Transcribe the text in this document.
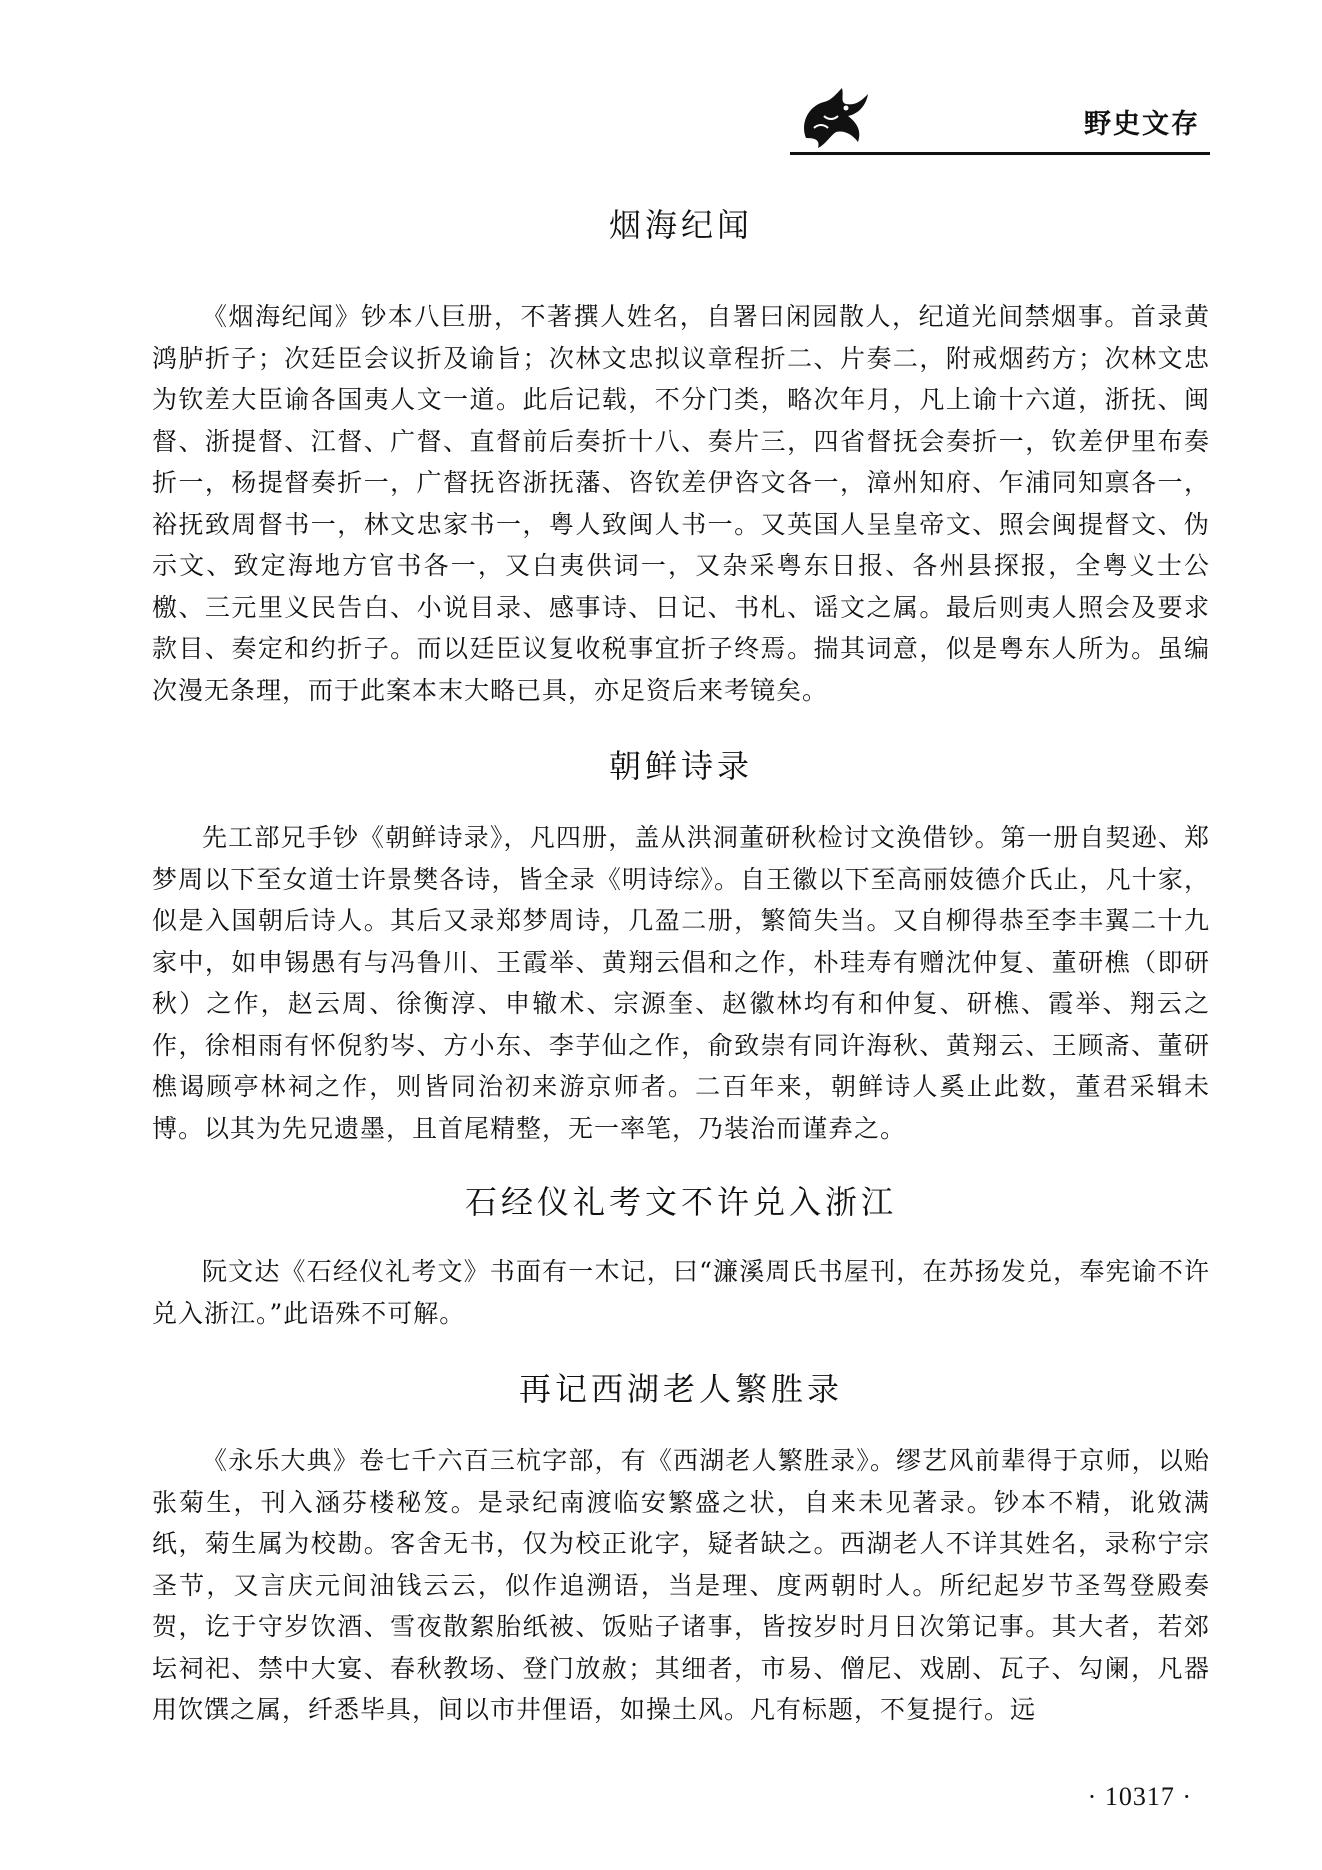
野史文存
烟海纪闻

《烟海纪闻》钞本八巨册，不著撰人姓名，自署曰闲园散人，纪道光间禁烟事。首录黄鸿胪折子；次廷臣会议折及谕旨；次林文忠拟议章程折二、片奏二，附戒烟药方；次林文忠为钦差大臣谕各国夷人文一道。此后记载，不分门类，略次年月，凡上谕十六道，浙抚、闽督、浙提督、江督、广督、直督前后奏折十八、奏片三，四省督抚会奏折一，钦差伊里布奏折一，杨提督奏折一，广督抚咨浙抚藩、咨钦差伊咨文各一，漳州知府、乍浦同知禀各一，裕抚致周督书一，林文忠家书一，粤人致闽人书一。又英国人呈皇帝文、照会闽提督文、伪示文、致定海地方官书各一，又白夷供词一，又杂采粤东日报、各州县探报，全粤义士公檄、三元里义民告白、小说目录、感事诗、日记、书札、谣文之属。最后则夷人照会及要求款目、奏定和约折子。而以廷臣议复收税事宜折子终焉。揣其词意，似是粤东人所为。虽编次漫无条理，而于此案本末大略已具，亦足资后来考镜矣。

朝鲜诗录

先工部兄手钞《朝鲜诗录》，凡四册，盖从洪洞董研秋检讨文涣借钞。第一册自契逊、郑梦周以下至女道士许景樊各诗，皆全录《明诗综》。自王徽以下至高丽妓德介氏止，凡十家，似是入国朝后诗人。其后又录郑梦周诗，几盈二册，繁简失当。又自柳得恭至李丰翼二十九家中，如申锡愚有与冯鲁川、王霞举、黄翔云倡和之作，朴珪寿有赠沈仲复、董研樵（即研秋）之作，赵云周、徐衡淳、申辙术、宗源奎、赵徽林均有和仲复、研樵、霞举、翔云之作，徐相雨有怀倪豹岑、方小东、李芋仙之作，俞致崇有同许海秋、黄翔云、王顾斋、董研樵谒顾亭林祠之作，则皆同治初来游京师者。二百年来，朝鲜诗人奚止此数，董君采辑未博。以其为先兄遗墨，且首尾精整，无一率笔，乃装治而谨弆之。

石经仪礼考文不许兑入浙江

阮文达《石经仪礼考文》书面有一木记，曰“濂溪周氏书屋刊，在苏扬发兑，奉宪谕不许兑入浙江。”此语殊不可解。

再记西湖老人繁胜录

《永乐大典》卷七千六百三杭字部，有《西湖老人繁胜录》。缪艺风前辈得于京师，以贻张菊生，刊入涵芬楼秘笈。是录纪南渡临安繁盛之状，自来未见著录。钞本不精，讹敓满纸，菊生属为校勘。客舍无书，仅为校正讹字，疑者缺之。西湖老人不详其姓名，录称宁宗圣节，又言庆元间油钱云云，似作追溯语，当是理、度两朝时人。所纪起岁节圣驾登殿奏贺，讫于守岁饮酒、雪夜散絮胎纸被、饭贴子诸事，皆按岁时月日次第记事。其大者，若郊坛祠祀、禁中大宴、春秋教场、登门放赦；其细者，市易、僧尼、戏剧、瓦子、勾阑，凡器用饮馔之属，纤悉毕具，间以市井俚语，如操土风。凡有标题，不复提行。远

· 10317 ·
